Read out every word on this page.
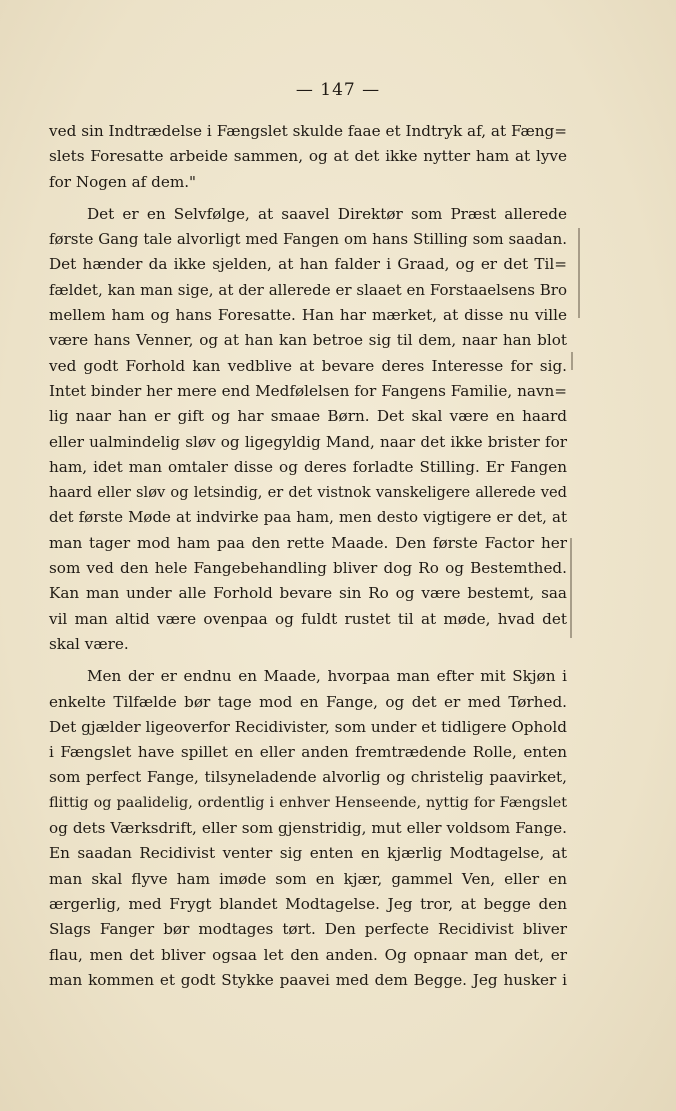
— 147 —
ved sin Indtrædelse i Fængslet skulde faae et Indtryk af, at Fæng=
slets Foresatte arbeide sammen, og at det ikke nytter ham at lyve
for Nogen af dem."
Det er en Selvfølge, at saavel Direktør som Præst allerede
første Gang tale alvorligt med Fangen om hans Stilling som saadan.
Det hænder da ikke sjelden, at han falder i Graad, og er det Til=
fældet, kan man sige, at der allerede er slaaet en Forstaaelsens Bro
mellem ham og hans Foresatte. Han har mærket, at disse nu ville
være hans Venner, og at han kan betroe sig til dem, naar han blot
ved godt Forhold kan vedblive at bevare deres Interesse for sig.
Intet binder her mere end Medfølelsen for Fangens Familie, navn=
lig naar han er gift og har smaae Børn. Det skal være en haard
eller ualmindelig sløv og ligegyldig Mand, naar det ikke brister for
ham, idet man omtaler disse og deres forladte Stilling. Er Fangen
haard eller sløv og letsindig, er det vistnok vanskeligere allerede ved
det første Møde at indvirke paa ham, men desto vigtigere er det, at
man tager mod ham paa den rette Maade. Den første Factor her
som ved den hele Fangebehandling bliver dog Ro og Bestemthed.
Kan man under alle Forhold bevare sin Ro og være bestemt, saa
vil man altid være ovenpaa og fuldt rustet til at møde, hvad det
skal være.
Men der er endnu en Maade, hvorpaa man efter mit Skjøn i
enkelte Tilfælde bør tage mod en Fange, og det er med Tørhed.
Det gjælder ligeoverfor Recidivister, som under et tidligere Ophold
i Fængslet have spillet en eller anden fremtrædende Rolle, enten
som perfect Fange, tilsyneladende alvorlig og christelig paavirket,
flittig og paalidelig, ordentlig i enhver Henseende, nyttig for Fængslet
og dets Værksdrift, eller som gjenstridig, mut eller voldsom Fange.
En saadan Recidivist venter sig enten en kjærlig Modtagelse, at
man skal flyve ham imøde som en kjær, gammel Ven, eller en
ærgerlig, med Frygt blandet Modtagelse. Jeg tror, at begge den
Slags Fanger bør modtages tørt. Den perfecte Recidivist bliver
flau, men det bliver ogsaa let den anden. Og opnaar man det, er
man kommen et godt Stykke paavei med dem Begge. Jeg husker i
